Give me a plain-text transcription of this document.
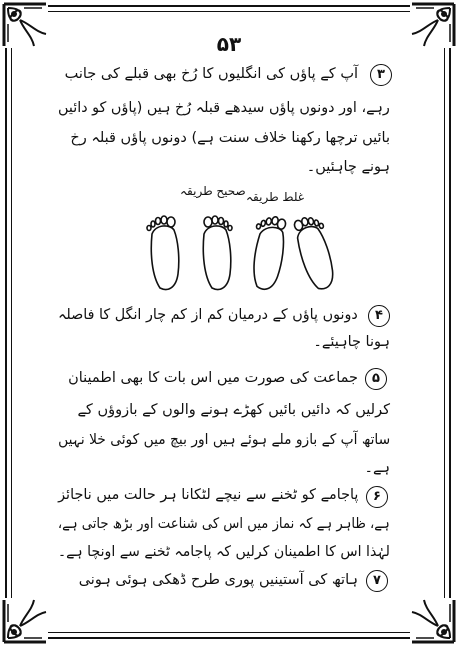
۵۳
۳
آپ کے پاؤں کی انگلیوں کا رُخ بھی قبلے کی جانب
رہے، اور دونوں پاؤں سیدھے قبلہ رُخ ہیں (پاؤں کو دائیں
بائیں ترچھا رکھنا خلاف سنت ہے) دونوں پاؤں قبلہ رخ
ہونے چاہئیں۔
صحیح طریقہ غلط طریقہ
۴
دونوں پاؤں کے درمیان کم از کم چار انگل کا فاصلہ
ہونا چاہیئے۔
۵
جماعت کی صورت میں اس بات کا بھی اطمینان
کرلیں کہ دائیں بائیں کھڑے ہونے والوں کے بازوؤں کے
ساتھ آپ کے بازو ملے ہوئے ہیں اور بیچ میں کوئی خلا نہیں
ہے۔
۶
پاجامے کو ٹخنے سے نیچے لٹکانا ہر حالت میں ناجائز
ہے، ظاہر ہے کہ نماز میں اس کی شناعت اور بڑھ جاتی ہے،
لہٰذا اس کا اطمینان کرلیں کہ پاجامہ ٹخنے سے اونچا ہے۔
۷
ہاتھ کی آستینیں پوری طرح ڈھکی ہوئی ہونی
